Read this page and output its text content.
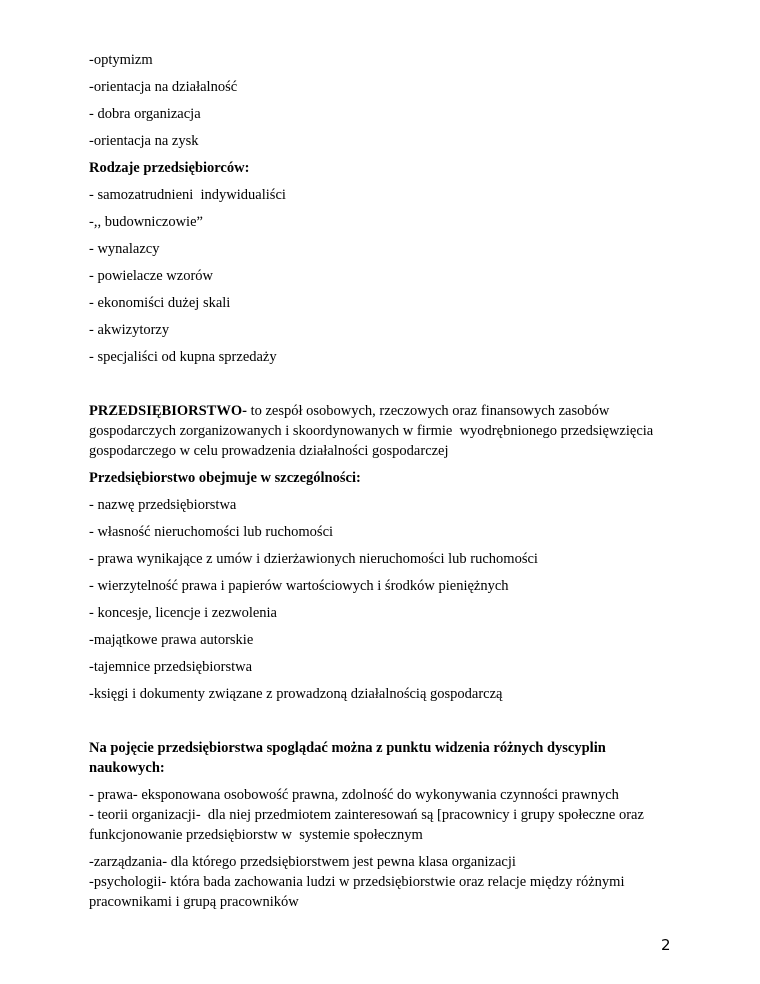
-optymizm

-orientacja na działalność

- dobra organizacja

-orientacja na zysk

Rodzaje przedsiębiorców:

- samozatrudnieni  indywidualiści

-,, budowniczowie”

- wynalazcy

- powielacze wzorów

- ekonomiści dużej skali

- akwizytorzy

- specjaliści od kupna sprzedaży

PRZEDSIĘBIORSTWO- to zespół osobowych, rzeczowych oraz finansowych zasobów
gospodarczych zorganizowanych i skoordynowanych w firmie  wyodrębnionego przedsięwzięcia
gospodarczego w celu prowadzenia działalności gospodarczej

Przedsiębiorstwo obejmuje w szczególności:

- nazwę przedsiębiorstwa

- własność nieruchomości lub ruchomości

- prawa wynikające z umów i dzierżawionych nieruchomości lub ruchomości

- wierzytelność prawa i papierów wartościowych i środków pieniężnych

- koncesje, licencje i zezwolenia

-majątkowe prawa autorskie

-tajemnice przedsiębiorstwa

-księgi i dokumenty związane z prowadzoną działalnością gospodarczą

Na pojęcie przedsiębiorstwa spoglądać można z punktu widzenia różnych dyscyplin
naukowych:

- prawa- eksponowana osobowość prawna, zdolność do wykonywania czynności prawnych

- teorii organizacji-  dla niej przedmiotem zainteresowań są [pracownicy i grupy społeczne oraz
funkcjonowanie przedsiębiorstw w  systemie społecznym

-zarządzania- dla którego przedsiębiorstwem jest pewna klasa organizacji

-psychologii- która bada zachowania ludzi w przedsiębiorstwie oraz relacje między różnymi
pracownikami i grupą pracowników
2
